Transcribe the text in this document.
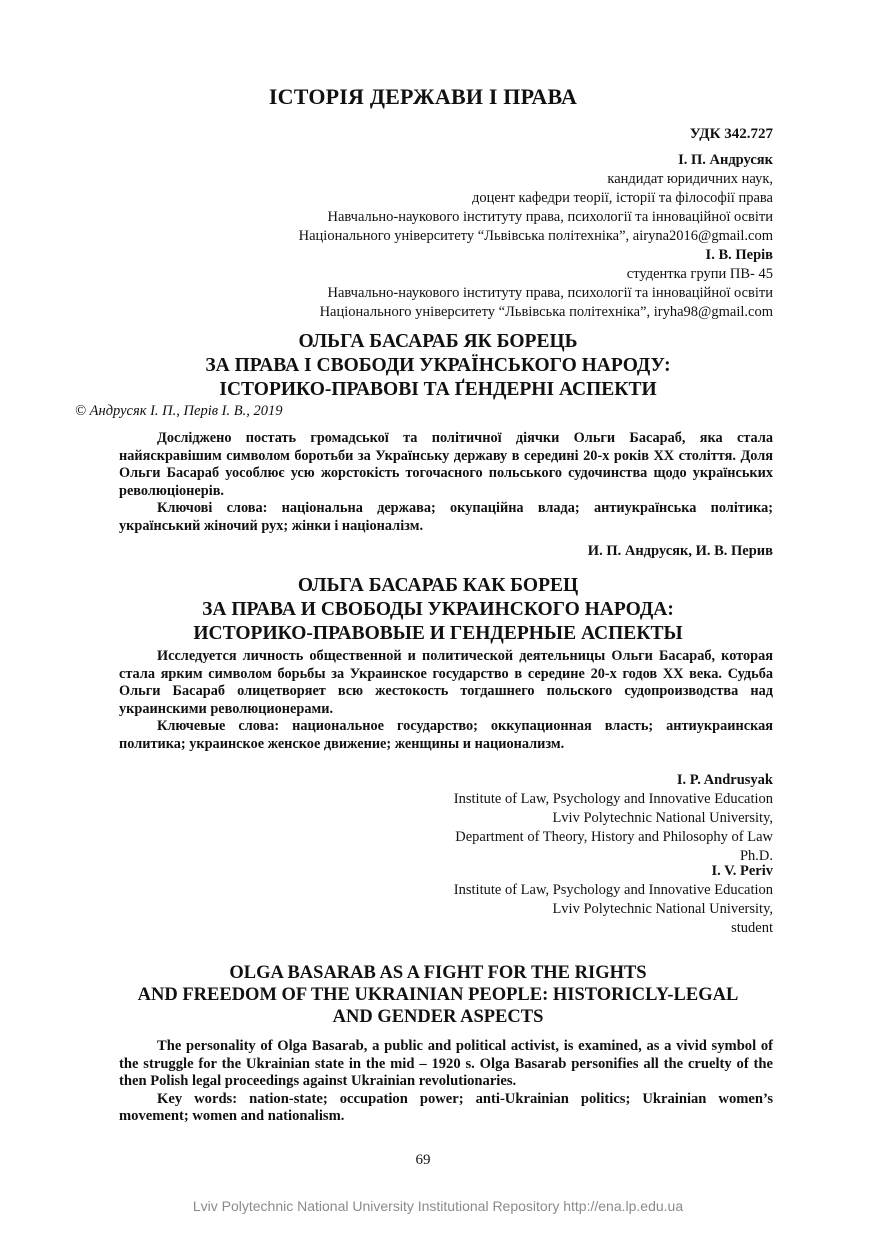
ІСТОРІЯ ДЕРЖАВИ І ПРАВА
УДК 342.727
І. П. Андрусяк
кандидат юридичних наук,
доцент кафедри теорії, історії та філософії права
Навчально-наукового інституту права, психології та інноваційної освіти
Національного університету “Львівська політехніка”, airyna2016@gmail.com
І. В. Перів
студентка групи ПВ- 45
Навчально-наукового інституту права, психології та інноваційної освіти
Національного університету “Львівська політехніка”, iryha98@gmail.com
ОЛЬГА БАСАРАБ ЯК БОРЕЦЬ
ЗА ПРАВА І СВОБОДИ УКРАЇНСЬКОГО НАРОДУ:
ІСТОРИКО-ПРАВОВІ ТА ҐЕНДЕРНІ АСПЕКТИ
© Андрусяк І. П., Перів І. В., 2019

Досліджено постать громадської та політичної діячки Ольги Басараб, яка стала найяскравішим символом боротьби за Українську державу в середині 20-х років XX століття. Доля Ольги Басараб уособлює усю жорстокість тогочасного польського судочинства щодо українських революціонерів.

Ключові слова: національна держава; окупаційна влада; антиукраїнська політика; український жіночий рух; жінки і націоналізм.

И. П. Андрусяк, И. В. Перив
ОЛЬГА БАСАРАБ КАК БОРЕЦ
ЗА ПРАВА И СВОБОДЫ УКРАИНСКОГО НАРОДА:
ИСТОРИКО-ПРАВОВЫЕ И ГЕНДЕРНЫЕ АСПЕКТЫ

Исследуется личность общественной и политической деятельницы Ольги Басараб, которая стала ярким символом борьбы за Украинское государство в середине 20-х годов XX века. Судьба Ольги Басараб олицетворяет всю жестокость тогдашнего польского судопроизводства над украинскими революционерами.

Ключевые слова: национальное государство; оккупационная власть; антиукраинская политика; украинское женское движение; женщины и национализм.

I. P. Andrusyak
Institute of Law, Psychology and Innovative Education
Lviv Polytechnic National University,
Department of Theory, History and Philosophy of Law
Ph.D.
I. V. Periv
Institute of Law, Psychology and Innovative Education
Lviv Polytechnic National University,
student
OLGA BASARAB AS A FIGHT FOR THE RIGHTS
AND FREEDOM OF THE UKRAINIAN PEOPLE: HISTORICLY-LEGAL
AND GENDER ASPECTS

The personality of Olga Basarab, a public and political activist, is examined, as a vivid symbol of the struggle for the Ukrainian state in the mid – 1920 s. Olga Basarab personifies all the cruelty of the then Polish legal proceedings against Ukrainian revolutionaries.

Key words: nation-state; occupation power; anti-Ukrainian politics; Ukrainian women’s movement; women and nationalism.

69
Lviv Polytechnic National University Institutional Repository http://ena.lp.edu.ua
